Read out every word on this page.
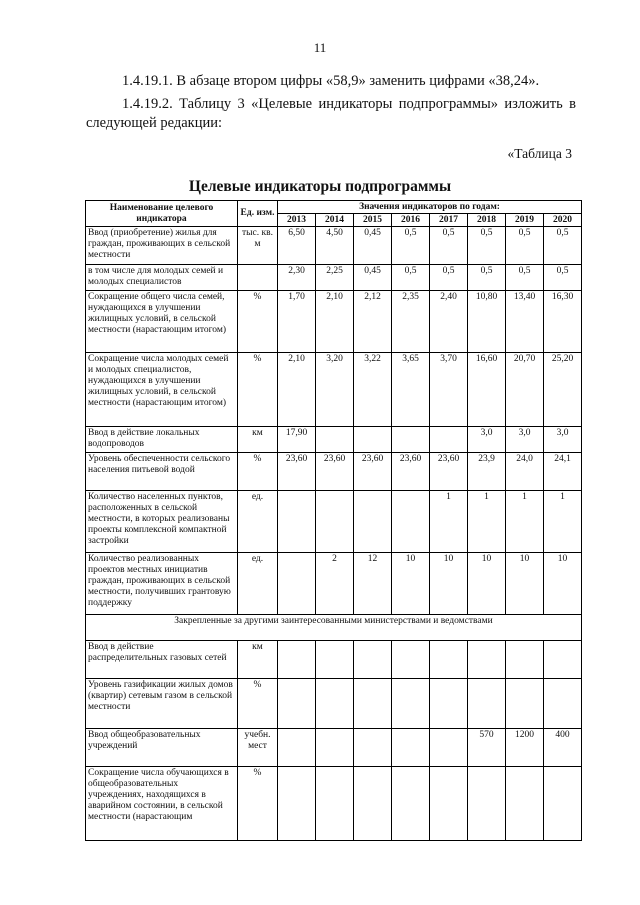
11
1.4.19.1. В абзаце втором цифры «58,9» заменить цифрами «38,24».
1.4.19.2. Таблицу 3 «Целевые индикаторы подпрограммы» изложить в следующей редакции:
«Таблица 3
Целевые индикаторы подпрограммы
Наименование целевого индикатора	Ед. изм.	Значения индикаторов по годам:							
		2013	2014	2015	2016	2017	2018	2019	2020
Ввод (приобретение) жилья для граждан, проживающих в сельской местности	тыс. кв. м	6,50	4,50	0,45	0,5	0,5	0,5	0,5	0,5
в том числе для молодых семей и молодых специалистов		2,30	2,25	0,45	0,5	0,5	0,5	0,5	0,5
Сокращение общего числа семей, нуждающихся в улучшении жилищных условий, в сельской местности (нарастающим итогом)	%	1,70	2,10	2,12	2,35	2,40	10,80	13,40	16,30
Сокращение числа молодых семей и молодых специалистов, нуждающихся в улучшении жилищных условий, в сельской местности (нарастающим итогом)	%	2,10	3,20	3,22	3,65	3,70	16,60	20,70	25,20
Ввод в действие локальных водопроводов	км	17,90					3,0	3,0	3,0
Уровень обеспеченности сельского населения питьевой водой	%	23,60	23,60	23,60	23,60	23,60	23,9	24,0	24,1
Количество населенных пунктов, расположенных в сельской местности, в которых реализованы проекты комплексной компактной застройки	ед.					1	1	1	1
Количество реализованных проектов местных инициатив граждан, проживающих в сельской местности, получивших грантовую поддержку	ед.		2	12	10	10	10	10	10
Закрепленные за другими заинтересованными министерствами и ведомствами									
Ввод в действие распределительных газовых сетей	км								
Уровень газификации жилых домов (квартир) сетевым газом в сельской местности	%								
Ввод общеобразовательных учреждений	учебн. мест						570	1200	400
Сокращение числа обучающихся в общеобразовательных учреждениях, находящихся в аварийном состоянии, в сельской местности (нарастающим	%								
